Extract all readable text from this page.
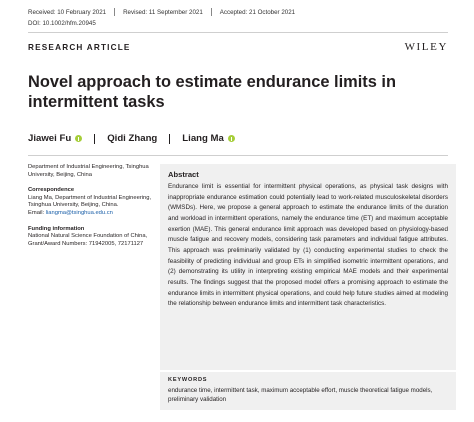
Received: 10 February 2021	Revised: 11 September 2021	Accepted: 21 October 2021
DOI: 10.1002/hfm.20945
RESEARCH ARTICLE	WILEY
Novel approach to estimate endurance limits in intermittent tasks
Jiawei Fu	Qidi Zhang	Liang Ma
Department of Industrial Engineering, Tsinghua University, Beijing, China
Correspondence
Liang Ma, Department of Industrial Engineering, Tsinghua University, Beijing, China.
Email: liangma@tsinghua.edu.cn
Funding information
National Natural Science Foundation of China, Grant/Award Numbers: 71942005, 72171127
Abstract

Endurance limit is essential for intermittent physical operations, as physical task designs with inappropriate endurance estimation could potentially lead to work-related musculoskeletal disorders (WMSDs). Here, we propose a general approach to estimate the endurance limits of the duration and workload in intermittent operations, namely the endurance time (ET) and maximum acceptable exertion (MAE). This general endurance limit approach was developed based on physiology-based muscle fatigue and recovery models, considering task parameters and individual fatigue attributes. This approach was preliminarily validated by (1) conducting experimental studies to check the feasibility of predicting individual and group ETs in simplified isometric intermittent operations, and (2) demonstrating its utility in interpreting existing empirical MAE models and their experimental results. The findings suggest that the proposed model offers a promising approach to estimate the endurance limits in intermittent physical operations, and could help future studies aimed at modeling the relationship between endurance limits and intermittent task characteristics.

KEYWORDS
endurance time, intermittent task, maximum acceptable effort, muscle theoretical fatigue models, preliminary validation
